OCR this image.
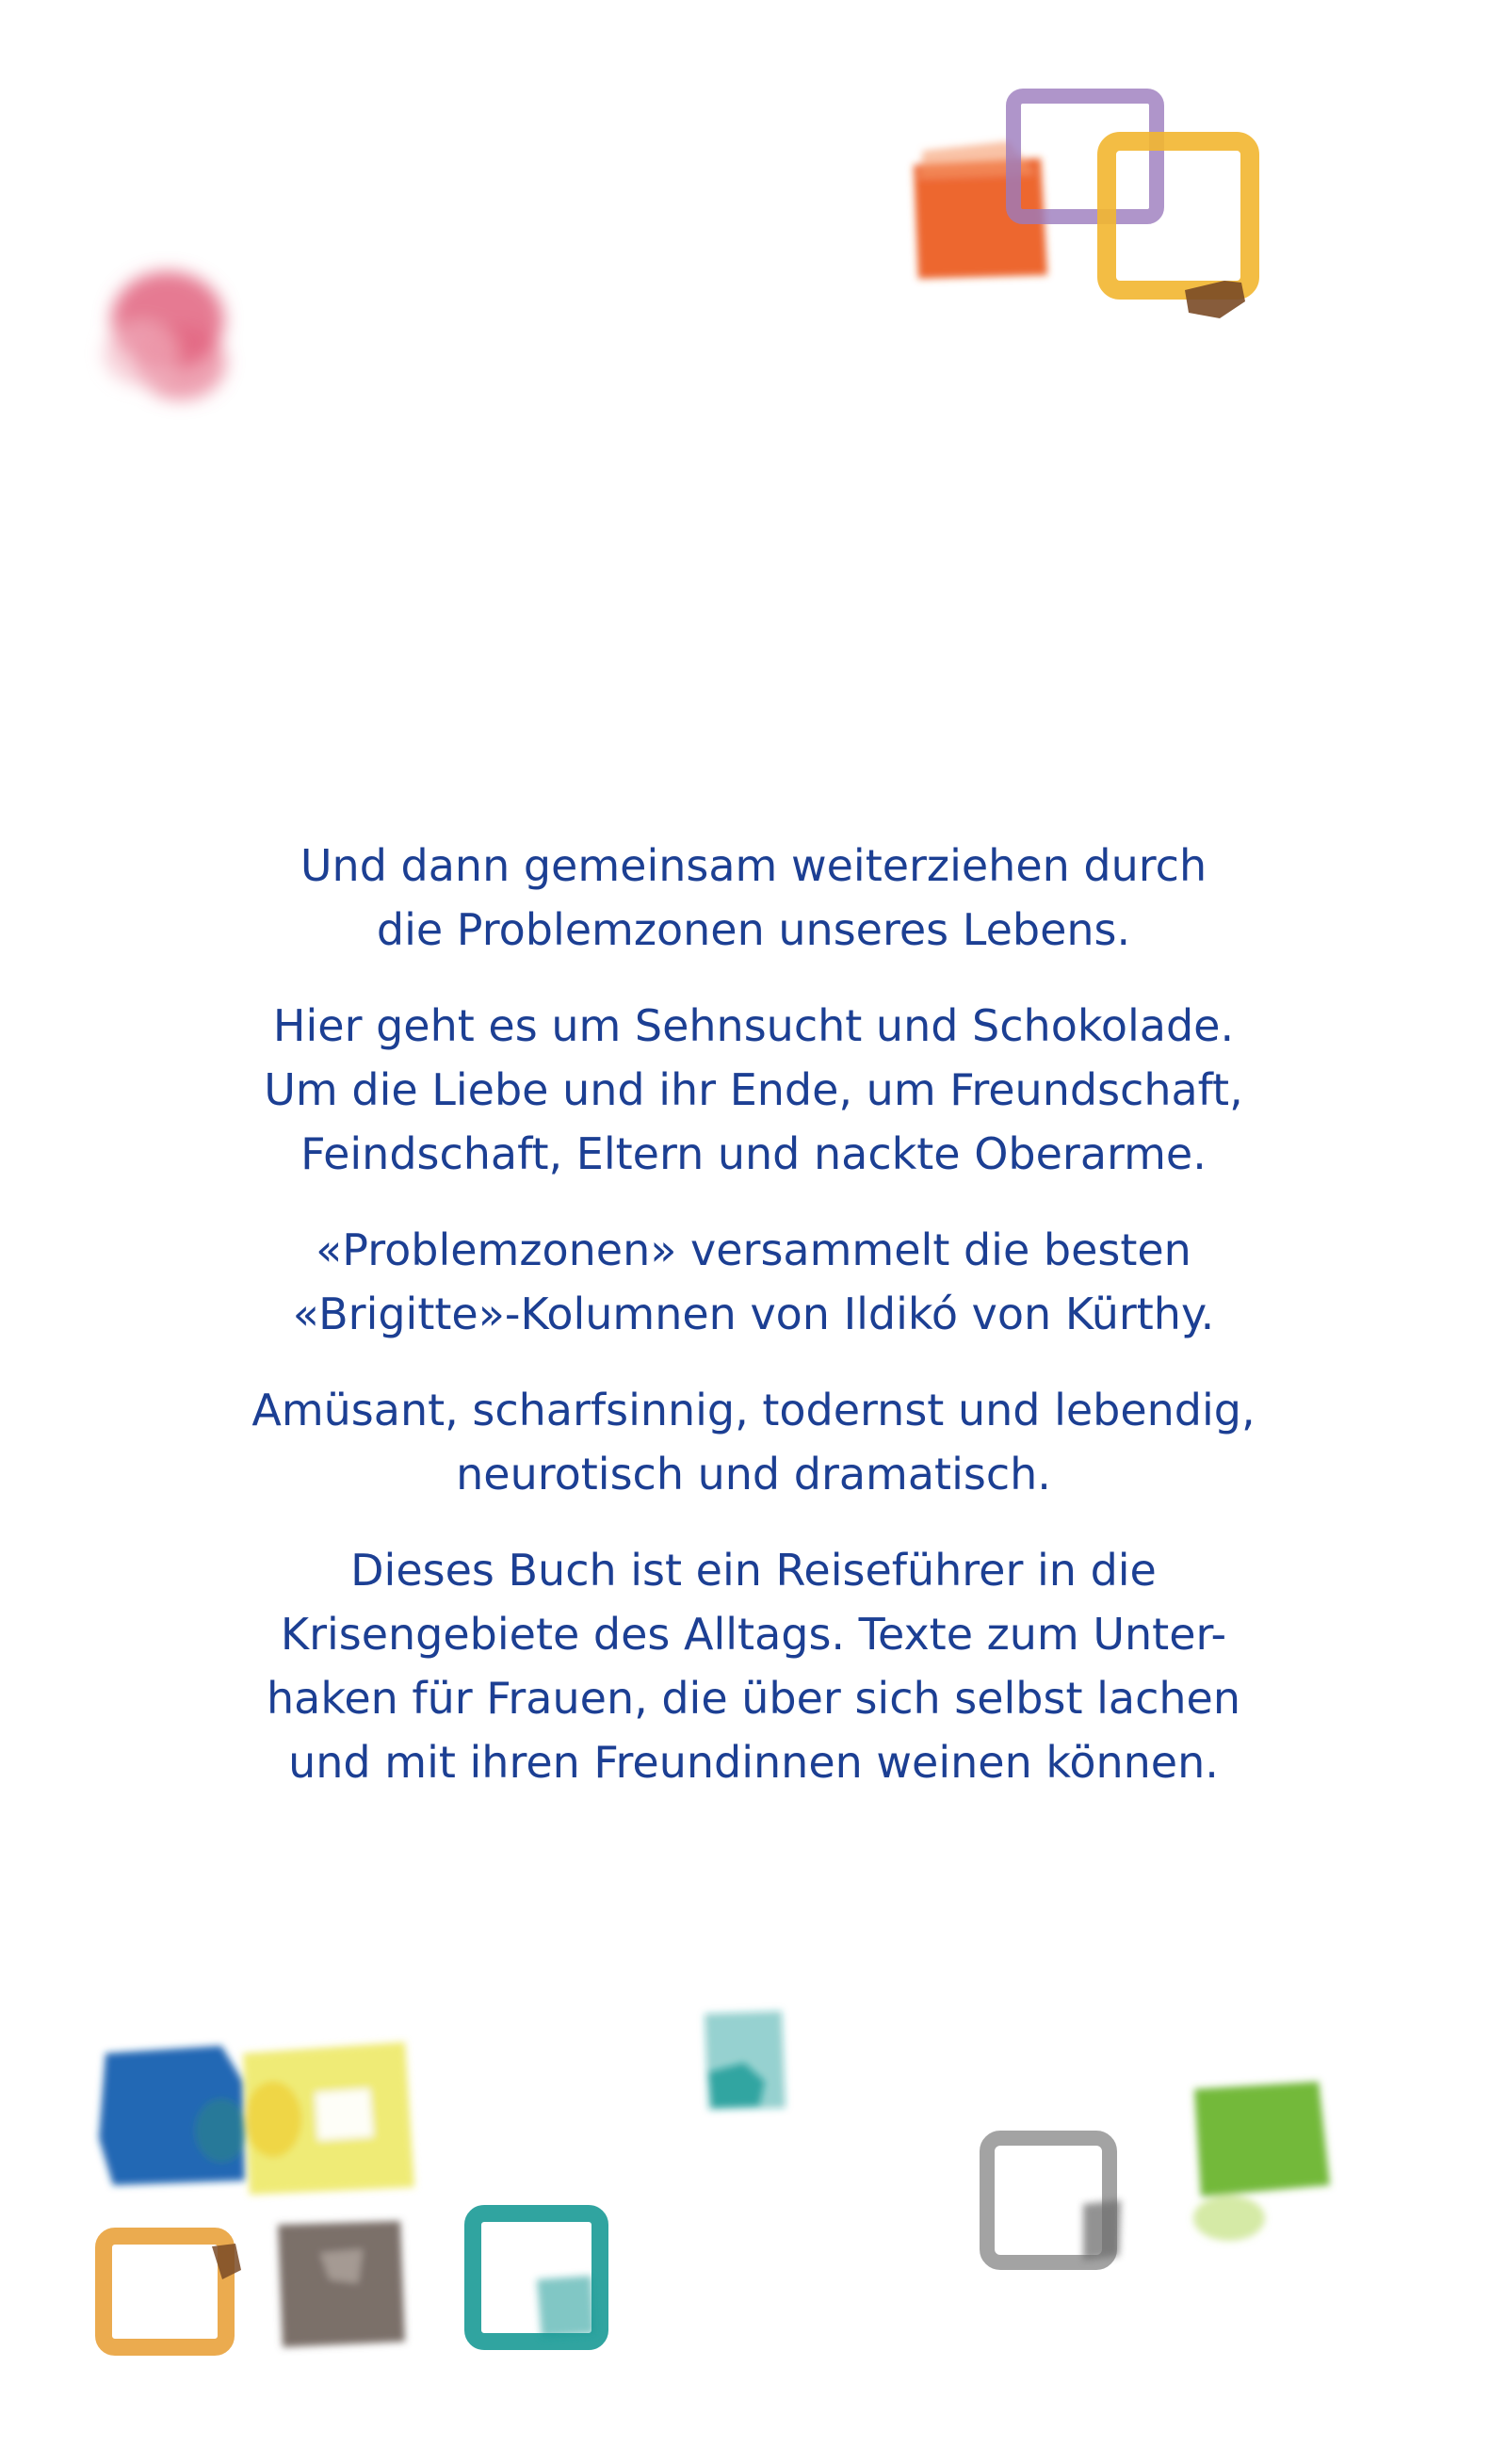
Und dann gemeinsam weiterziehen durch
die Problemzonen unseres Lebens.

Hier geht es um Sehnsucht und Schokolade.
Um die Liebe und ihr Ende, um Freundschaft,
Feindschaft, Eltern und nackte Oberarme.

«Problemzonen» versammelt die besten
«Brigitte»-Kolumnen von Ildikó von Kürthy.

Amüsant, scharfsinnig, todernst und lebendig,
neurotisch und dramatisch.

Dieses Buch ist ein Reiseführer in die
Krisengebiete des Alltags. Texte zum Unter-
haken für Frauen, die über sich selbst lachen
und mit ihren Freundinnen weinen können.
